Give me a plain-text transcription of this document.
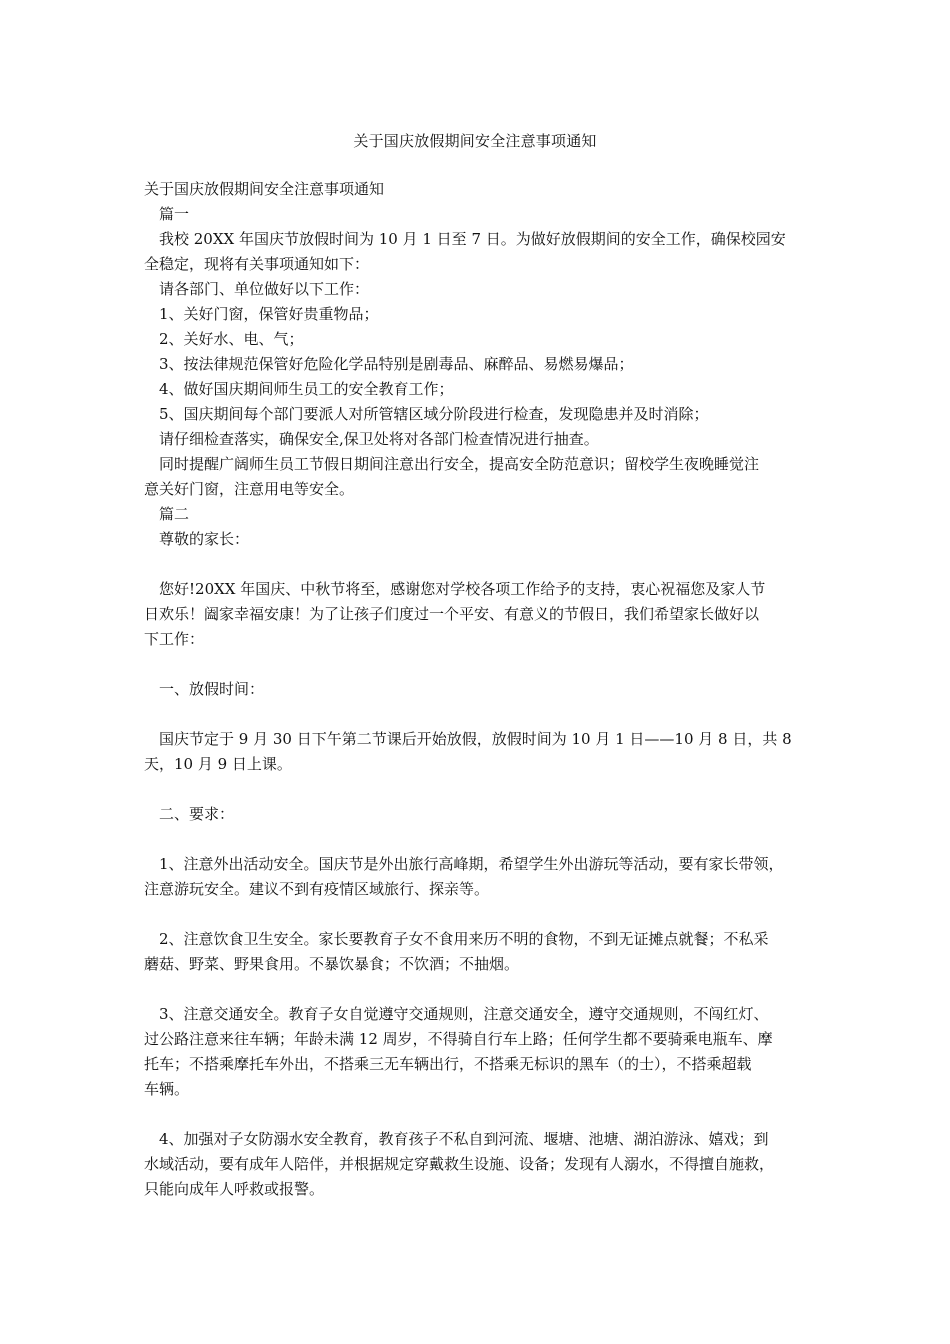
关于国庆放假期间安全注意事项通知

关于国庆放假期间安全注意事项通知

篇一

我校 20XX 年国庆节放假时间为 10 月 1 日至 7 日。为做好放假期间的安全工作，确保校园安

全稳定，现将有关事项通知如下：

请各部门、单位做好以下工作：

1、关好门窗，保管好贵重物品；

2、关好水、电、气；

3、按法律规范保管好危险化学品特别是剧毒品、麻醉品、易燃易爆品；

4、做好国庆期间师生员工的安全教育工作；

5、国庆期间每个部门要派人对所管辖区域分阶段进行检查，发现隐患并及时消除；

请仔细检查落实，确保安全,保卫处将对各部门检查情况进行抽查。

同时提醒广阔师生员工节假日期间注意出行安全，提高安全防范意识；留校学生夜晚睡觉注

意关好门窗，注意用电等安全。

篇二

尊敬的家长：

您好!20XX 年国庆、中秋节将至，感谢您对学校各项工作给予的支持，衷心祝福您及家人节

日欢乐！阖家幸福安康！为了让孩子们度过一个平安、有意义的节假日，我们希望家长做好以

下工作：

一、放假时间：

国庆节定于 9 月 30 日下午第二节课后开始放假，放假时间为 10 月 1 日——10 月 8 日，共 8

天，10 月 9 日上课。

二、要求：

1、注意外出活动安全。国庆节是外出旅行高峰期，希望学生外出游玩等活动，要有家长带领，

注意游玩安全。建议不到有疫情区域旅行、探亲等。

2、注意饮食卫生安全。家长要教育子女不食用来历不明的食物，不到无证摊点就餐；不私采

蘑菇、野菜、野果食用。不暴饮暴食；不饮酒；不抽烟。

3、注意交通安全。教育子女自觉遵守交通规则，注意交通安全，遵守交通规则，不闯红灯、

过公路注意来往车辆；年龄未满 12 周岁，不得骑自行车上路；任何学生都不要骑乘电瓶车、摩

托车；不搭乘摩托车外出，不搭乘三无车辆出行，不搭乘无标识的黑车（的士），不搭乘超载

车辆。

4、加强对子女防溺水安全教育，教育孩子不私自到河流、堰塘、池塘、湖泊游泳、嬉戏；到

水域活动，要有成年人陪伴，并根据规定穿戴救生设施、设备；发现有人溺水，不得擅自施救，

只能向成年人呼救或报警。
